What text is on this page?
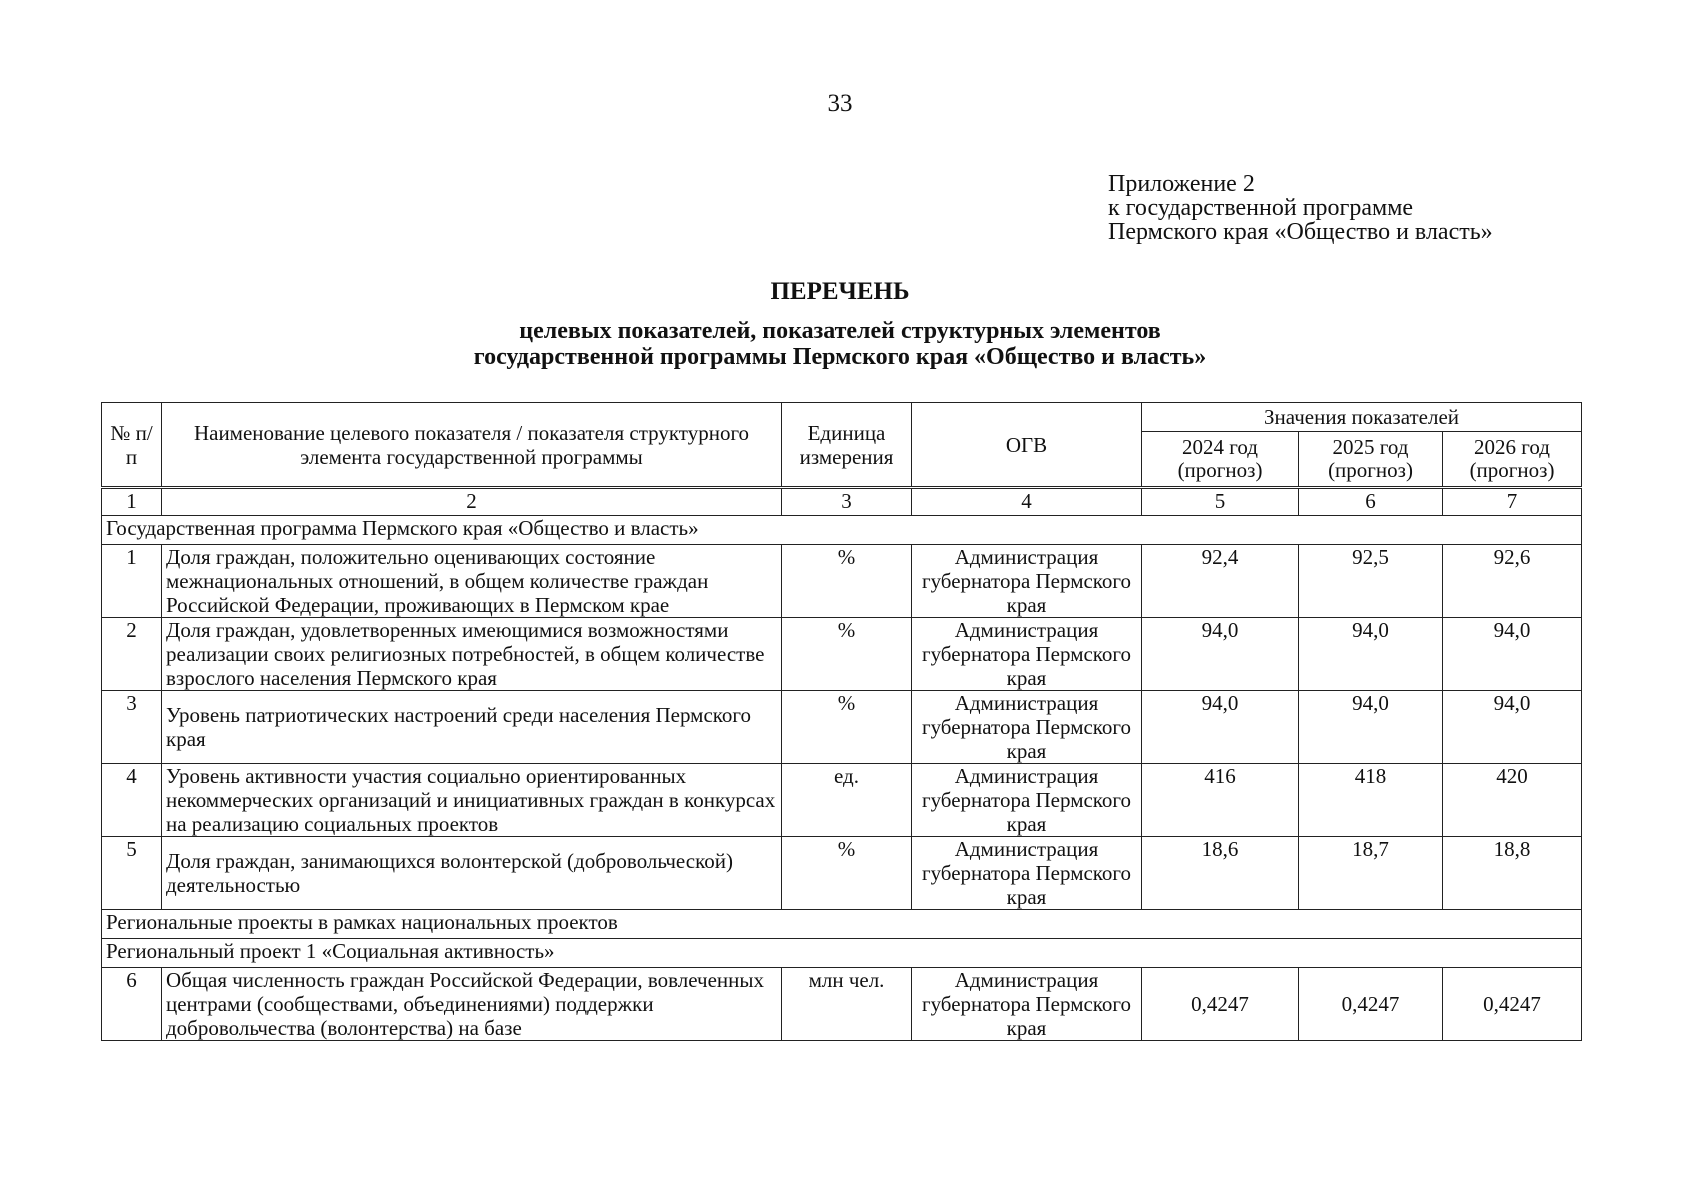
33
Приложение 2
к государственной программе
Пермского края «Общество и власть»
ПЕРЕЧЕНЬ
целевых показателей, показателей структурных элементов
государственной программы Пермского края «Общество и власть»
№ п/п	Наименование целевого показателя / показателя структурного элемента государственной программы	Единица измерения	ОГВ	Значения показателей		
				2024 год (прогноз)	2025 год (прогноз)	2026 год (прогноз)
1	2	3	4	5	6	7
Государственная программа Пермского края «Общество и власть»						
1	Доля граждан, положительно оценивающих состояние межнациональных отношений, в общем количестве граждан Российской Федерации, проживающих в Пермском крае	%	Администрация губернатора Пермского края	92,4	92,5	92,6
2	Доля граждан, удовлетворенных имеющимися возможностями реализации своих религиозных потребностей, в общем количестве взрослого населения Пермского края	%	Администрация губернатора Пермского края	94,0	94,0	94,0
3	Уровень патриотических настроений среди населения Пермского края	%	Администрация губернатора Пермского края	94,0	94,0	94,0
4	Уровень активности участия социально ориентированных некоммерческих организаций и инициативных граждан в конкурсах на реализацию социальных проектов	ед.	Администрация губернатора Пермского края	416	418	420
5	Доля граждан, занимающихся волонтерской (добровольческой) деятельностью	%	Администрация губернатора Пермского края	18,6	18,7	18,8
Региональные проекты в рамках национальных проектов						
Региональный проект 1 «Социальная активность»						
6	Общая численность граждан Российской Федерации, вовлеченных центрами (сообществами, объединениями) поддержки добровольчества (волонтерства) на базе	млн чел.	Администрация губернатора Пермского края	0,4247	0,4247	0,4247
